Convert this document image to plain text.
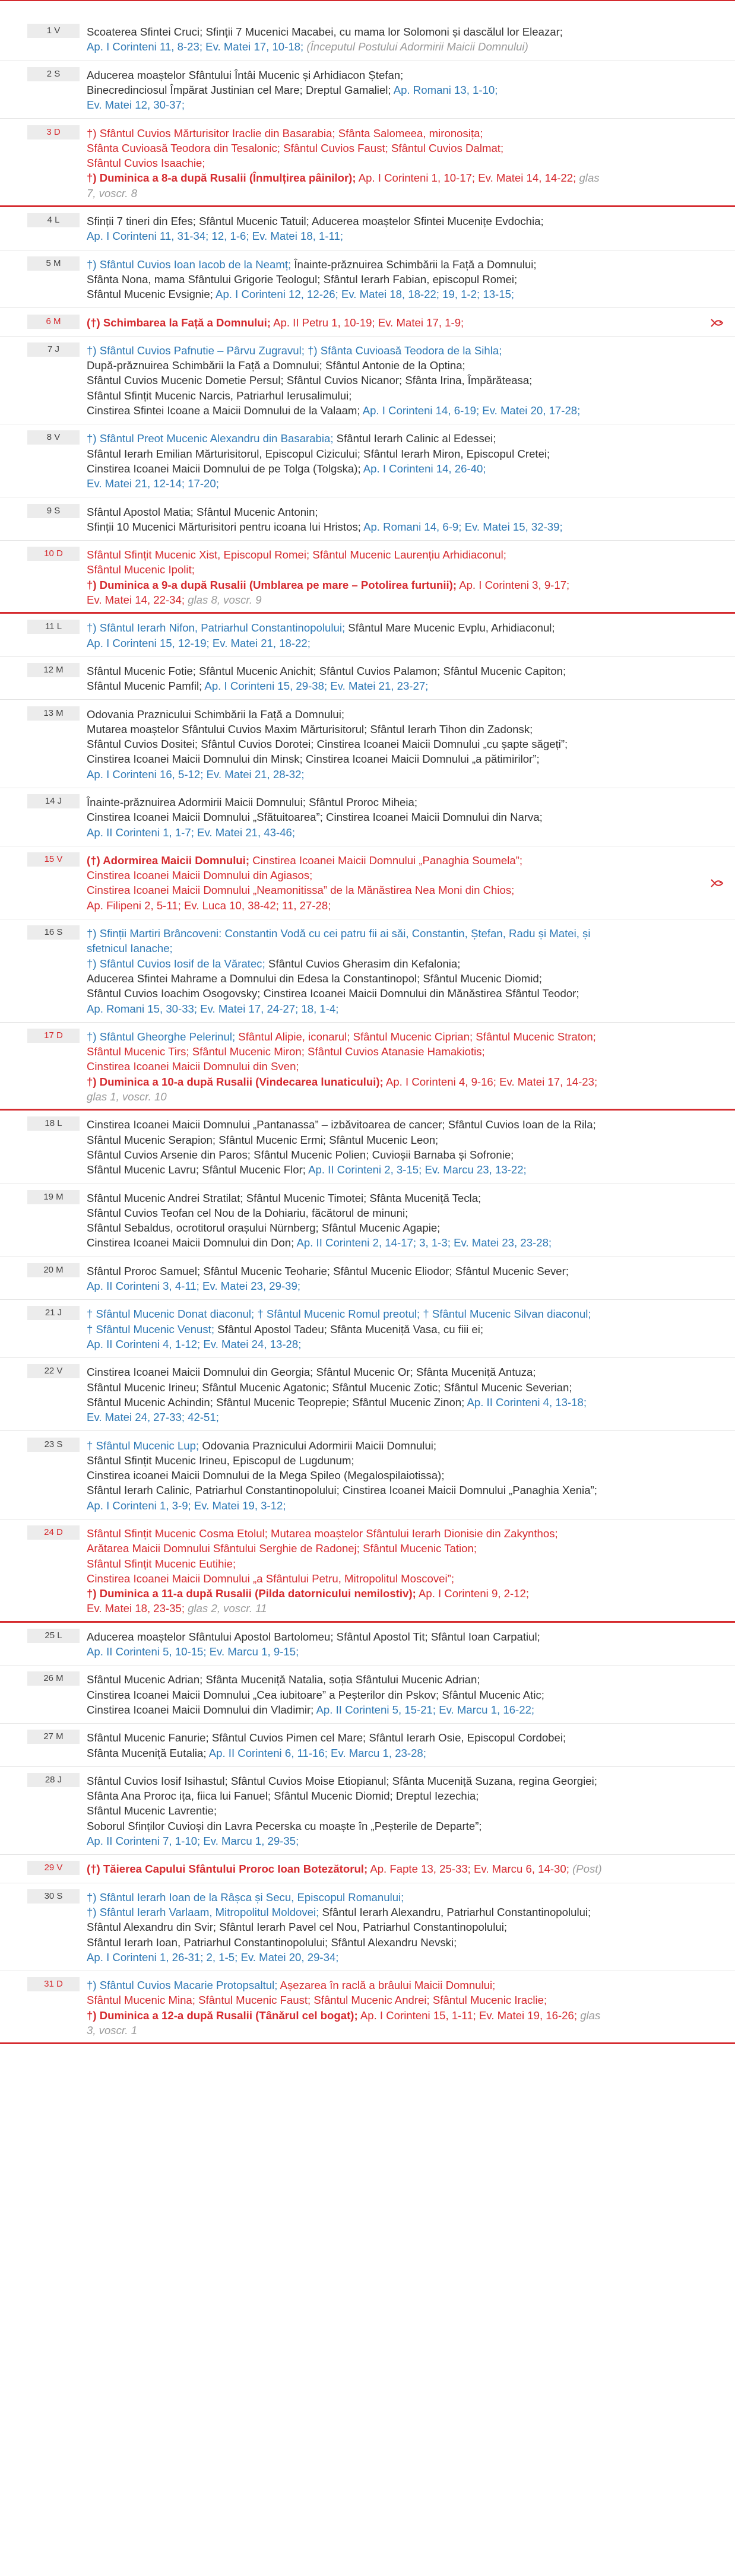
1 V	Scoaterea Sfintei Cruci; Sfinții 7 Mucenici Macabei, cu mama lor Solomoni și dascălul lor Eleazar;
Ap. I Corinteni 11, 8-23; Ev. Matei 17, 10-18; (Începutul Postului Adormirii Maicii Domnului)
2 S	Aducerea moaștelor Sfântului Întâi Mucenic și Arhidiacon Ștefan;
Binecredinciosul Împărat Justinian cel Mare; Dreptul Gamaliel; Ap. Romani 13, 1-10;
Ev. Matei 12, 30-37;
3 D	†) Sfântul Cuvios Mărturisitor Iraclie din Basarabia; Sfânta Salomeea, mironosița;
Sfânta Cuvioasă Teodora din Tesalonic; Sfântul Cuvios Faust; Sfântul Cuvios Dalmat;
Sfântul Cuvios Isaachie;
†) Duminica a 8-a după Rusalii (Înmulțirea pâinilor); Ap. I Corinteni 1, 10-17; Ev. Matei 14, 14-22; glas
7, voscr. 8
4 L	Sfinții 7 tineri din Efes; Sfântul Mucenic Tatuil; Aducerea moaștelor Sfintei Mucenițe Evdochia;
Ap. I Corinteni 11, 31-34; 12, 1-6; Ev. Matei 18, 1-11;
5 M	†) Sfântul Cuvios Ioan Iacob de la Neamț; Înainte-prăznuirea Schimbării la Față a Domnului;
Sfânta Nona, mama Sfântului Grigorie Teologul; Sfântul Ierarh Fabian, episcopul Romei;
Sfântul Mucenic Evsignie; Ap. I Corinteni 12, 12-26; Ev. Matei 18, 18-22; 19, 1-2; 13-15;
6 M	(†) Schimbarea la Față a Domnului; Ap. II Petru 1, 10-19; Ev. Matei 17, 1-9;
7 J	†) Sfântul Cuvios Pafnutie – Pârvu Zugravul; †) Sfânta Cuvioasă Teodora de la Sihla;
După-prăznuirea Schimbării la Față a Domnului; Sfântul Antonie de la Optina;
Sfântul Cuvios Mucenic Dometie Persul; Sfântul Cuvios Nicanor; Sfânta Irina, Împărăteasa;
Sfântul Sfințit Mucenic Narcis, Patriarhul Ierusalimului;
Cinstirea Sfintei Icoane a Maicii Domnului de la Valaam; Ap. I Corinteni 14, 6-19; Ev. Matei 20, 17-28;
8 V	†) Sfântul Preot Mucenic Alexandru din Basarabia; Sfântul Ierarh Calinic al Edessei;
Sfântul Ierarh Emilian Mărturisitorul, Episcopul Cizicului; Sfântul Ierarh Miron, Episcopul Cretei;
Cinstirea Icoanei Maicii Domnului de pe Tolga (Tolgska); Ap. I Corinteni 14, 26-40;
Ev. Matei 21, 12-14; 17-20;
9 S	Sfântul Apostol Matia; Sfântul Mucenic Antonin;
Sfinții 10 Mucenici Mărturisitori pentru icoana lui Hristos; Ap. Romani 14, 6-9; Ev. Matei 15, 32-39;
10 D	Sfântul Sfințit Mucenic Xist, Episcopul Romei; Sfântul Mucenic Laurențiu Arhidiaconul;
Sfântul Mucenic Ipolit;
†) Duminica a 9-a după Rusalii (Umblarea pe mare – Potolirea furtunii); Ap. I Corinteni 3, 9-17;
Ev. Matei 14, 22-34; glas 8, voscr. 9
11 L	†) Sfântul Ierarh Nifon, Patriarhul Constantinopolului; Sfântul Mare Mucenic Evplu, Arhidiaconul;
Ap. I Corinteni 15, 12-19; Ev. Matei 21, 18-22;
12 M	Sfântul Mucenic Fotie; Sfântul Mucenic Anichit; Sfântul Cuvios Palamon; Sfântul Mucenic Capiton;
Sfântul Mucenic Pamfil; Ap. I Corinteni 15, 29-38; Ev. Matei 21, 23-27;
13 M	Odovania Praznicului Schimbării la Față a Domnului;
Mutarea moaștelor Sfântului Cuvios Maxim Mărturisitorul; Sfântul Ierarh Tihon din Zadonsk;
Sfântul Cuvios Dositei; Sfântul Cuvios Dorotei; Cinstirea Icoanei Maicii Domnului „cu șapte săgeți”;
Cinstirea Icoanei Maicii Domnului din Minsk; Cinstirea Icoanei Maicii Domnului „a pătimirilor”;
Ap. I Corinteni 16, 5-12; Ev. Matei 21, 28-32;
14 J	Înainte-prăznuirea Adormirii Maicii Domnului; Sfântul Proroc Miheia;
Cinstirea Icoanei Maicii Domnului „Sfătuitoarea”; Cinstirea Icoanei Maicii Domnului din Narva;
Ap. II Corinteni 1, 1-7; Ev. Matei 21, 43-46;
15 V	(†) Adormirea Maicii Domnului; Cinstirea Icoanei Maicii Domnului „Panaghia Soumela”;
Cinstirea Icoanei Maicii Domnului din Agiasos;
Cinstirea Icoanei Maicii Domnului „Neamonitissa” de la Mănăstirea Nea Moni din Chios;
Ap. Filipeni 2, 5-11; Ev. Luca 10, 38-42; 11, 27-28;
16 S	†) Sfinții Martiri Brâncoveni: Constantin Vodă cu cei patru fii ai săi, Constantin, Ștefan, Radu și Matei, și
sfetnicul Ianache;
†) Sfântul Cuvios Iosif de la Văratec; Sfântul Cuvios Gherasim din Kefalonia;
Aducerea Sfintei Mahrame a Domnului din Edesa la Constantinopol; Sfântul Mucenic Diomid;
Sfântul Cuvios Ioachim Osogovsky; Cinstirea Icoanei Maicii Domnului din Mănăstirea Sfântul Teodor;
Ap. Romani 15, 30-33; Ev. Matei 17, 24-27; 18, 1-4;
17 D	†) Sfântul Gheorghe Pelerinul; Sfântul Alipie, iconarul; Sfântul Mucenic Ciprian; Sfântul Mucenic Straton;
Sfântul Mucenic Tirs; Sfântul Mucenic Miron; Sfântul Cuvios Atanasie Hamakiotis;
Cinstirea Icoanei Maicii Domnului din Sven;
†) Duminica a 10-a după Rusalii (Vindecarea lunaticului); Ap. I Corinteni 4, 9-16; Ev. Matei 17, 14-23;
glas 1, voscr. 10
18 L	Cinstirea Icoanei Maicii Domnului „Pantanassa” – izbăvitoarea de cancer; Sfântul Cuvios Ioan de la Rila;
Sfântul Mucenic Serapion; Sfântul Mucenic Ermi; Sfântul Mucenic Leon;
Sfântul Cuvios Arsenie din Paros; Sfântul Mucenic Polien; Cuvioșii Barnaba și Sofronie;
Sfântul Mucenic Lavru; Sfântul Mucenic Flor; Ap. II Corinteni 2, 3-15; Ev. Marcu 23, 13-22;
19 M	Sfântul Mucenic Andrei Stratilat; Sfântul Mucenic Timotei; Sfânta Muceniță Tecla;
Sfântul Cuvios Teofan cel Nou de la Dohiariu, făcătorul de minuni;
Sfântul Sebaldus, ocrotitorul orașului Nürnberg; Sfântul Mucenic Agapie;
Cinstirea Icoanei Maicii Domnului din Don; Ap. II Corinteni 2, 14-17; 3, 1-3; Ev. Matei 23, 23-28;
20 M	Sfântul Proroc Samuel; Sfântul Mucenic Teoharie; Sfântul Mucenic Eliodor; Sfântul Mucenic Sever;
Ap. II Corinteni 3, 4-11; Ev. Matei 23, 29-39;
21 J	† Sfântul Mucenic Donat diaconul; † Sfântul Mucenic Romul preotul; † Sfântul Mucenic Silvan diaconul;
† Sfântul Mucenic Venust; Sfântul Apostol Tadeu; Sfânta Muceniță Vasa, cu fiii ei;
Ap. II Corinteni 4, 1-12; Ev. Matei 24, 13-28;
22 V	Cinstirea Icoanei Maicii Domnului din Georgia; Sfântul Mucenic Or; Sfânta Muceniță Antuza;
Sfântul Mucenic Irineu; Sfântul Mucenic Agatonic; Sfântul Mucenic Zotic; Sfântul Mucenic Severian;
Sfântul Mucenic Achindin; Sfântul Mucenic Teoprepie; Sfântul Mucenic Zinon; Ap. II Corinteni 4, 13-18;
Ev. Matei 24, 27-33; 42-51;
23 S	† Sfântul Mucenic Lup; Odovania Praznicului Adormirii Maicii Domnului;
Sfântul Sfințit Mucenic Irineu, Episcopul de Lugdunum;
Cinstirea icoanei Maicii Domnului de la Mega Spileo (Megalospilaiotissa);
Sfântul Ierarh Calinic, Patriarhul Constantinopolului; Cinstirea Icoanei Maicii Domnului „Panaghia Xenia”;
Ap. I Corinteni 1, 3-9; Ev. Matei 19, 3-12;
24 D	Sfântul Sfințit Mucenic Cosma Etolul; Mutarea moaștelor Sfântului Ierarh Dionisie din Zakynthos;
Arătarea Maicii Domnului Sfântului Serghie de Radonej; Sfântul Mucenic Tation;
Sfântul Sfințit Mucenic Eutihie;
Cinstirea Icoanei Maicii Domnului „a Sfântului Petru, Mitropolitul Moscovei”;
†) Duminica a 11-a după Rusalii (Pilda datornicului nemilostiv); Ap. I Corinteni 9, 2-12;
Ev. Matei 18, 23-35; glas 2, voscr. 11
25 L	Aducerea moaștelor Sfântului Apostol Bartolomeu; Sfântul Apostol Tit; Sfântul Ioan Carpatiul;
Ap. II Corinteni 5, 10-15; Ev. Marcu 1, 9-15;
26 M	Sfântul Mucenic Adrian; Sfânta Muceniță Natalia, soția Sfântului Mucenic Adrian;
Cinstirea Icoanei Maicii Domnului „Cea iubitoare” a Peșterilor din Pskov; Sfântul Mucenic Atic;
Cinstirea Icoanei Maicii Domnului din Vladimir; Ap. II Corinteni 5, 15-21; Ev. Marcu 1, 16-22;
27 M	Sfântul Mucenic Fanurie; Sfântul Cuvios Pimen cel Mare; Sfântul Ierarh Osie, Episcopul Cordobei;
Sfânta Muceniță Eutalia; Ap. II Corinteni 6, 11-16; Ev. Marcu 1, 23-28;
28 J	Sfântul Cuvios Iosif Isihastul; Sfântul Cuvios Moise Etiopianul; Sfânta Muceniță Suzana, regina Georgiei;
Sfânta Ana Proroc ița, fiica lui Fanuel; Sfântul Mucenic Diomid; Dreptul Iezechia;
Sfântul Mucenic Lavrentie;
Soborul Sfinților Cuvioși din Lavra Pecerska cu moaște în „Peșterile de Departe”;
Ap. II Corinteni 7, 1-10; Ev. Marcu 1, 29-35;
29 V	(†) Tăierea Capului Sfântului Proroc Ioan Botezătorul; Ap. Fapte 13, 25-33; Ev. Marcu 6, 14-30; (Post)
30 S	†) Sfântul Ierarh Ioan de la Râșca și Secu, Episcopul Romanului;
†) Sfântul Ierarh Varlaam, Mitropolitul Moldovei; Sfântul Ierarh Alexandru, Patriarhul Constantinopolului;
Sfântul Alexandru din Svir; Sfântul Ierarh Pavel cel Nou, Patriarhul Constantinopolului;
Sfântul Ierarh Ioan, Patriarhul Constantinopolului; Sfântul Alexandru Nevski;
Ap. I Corinteni 1, 26-31; 2, 1-5; Ev. Matei 20, 29-34;
31 D	†) Sfântul Cuvios Macarie Protopsaltul; Așezarea în raclă a brâului Maicii Domnului;
Sfântul Mucenic Mina; Sfântul Mucenic Faust; Sfântul Mucenic Andrei; Sfântul Mucenic Iraclie;
†) Duminica a 12-a după Rusalii (Tânărul cel bogat); Ap. I Corinteni 15, 1-11; Ev. Matei 19, 16-26; glas
3, voscr. 1
